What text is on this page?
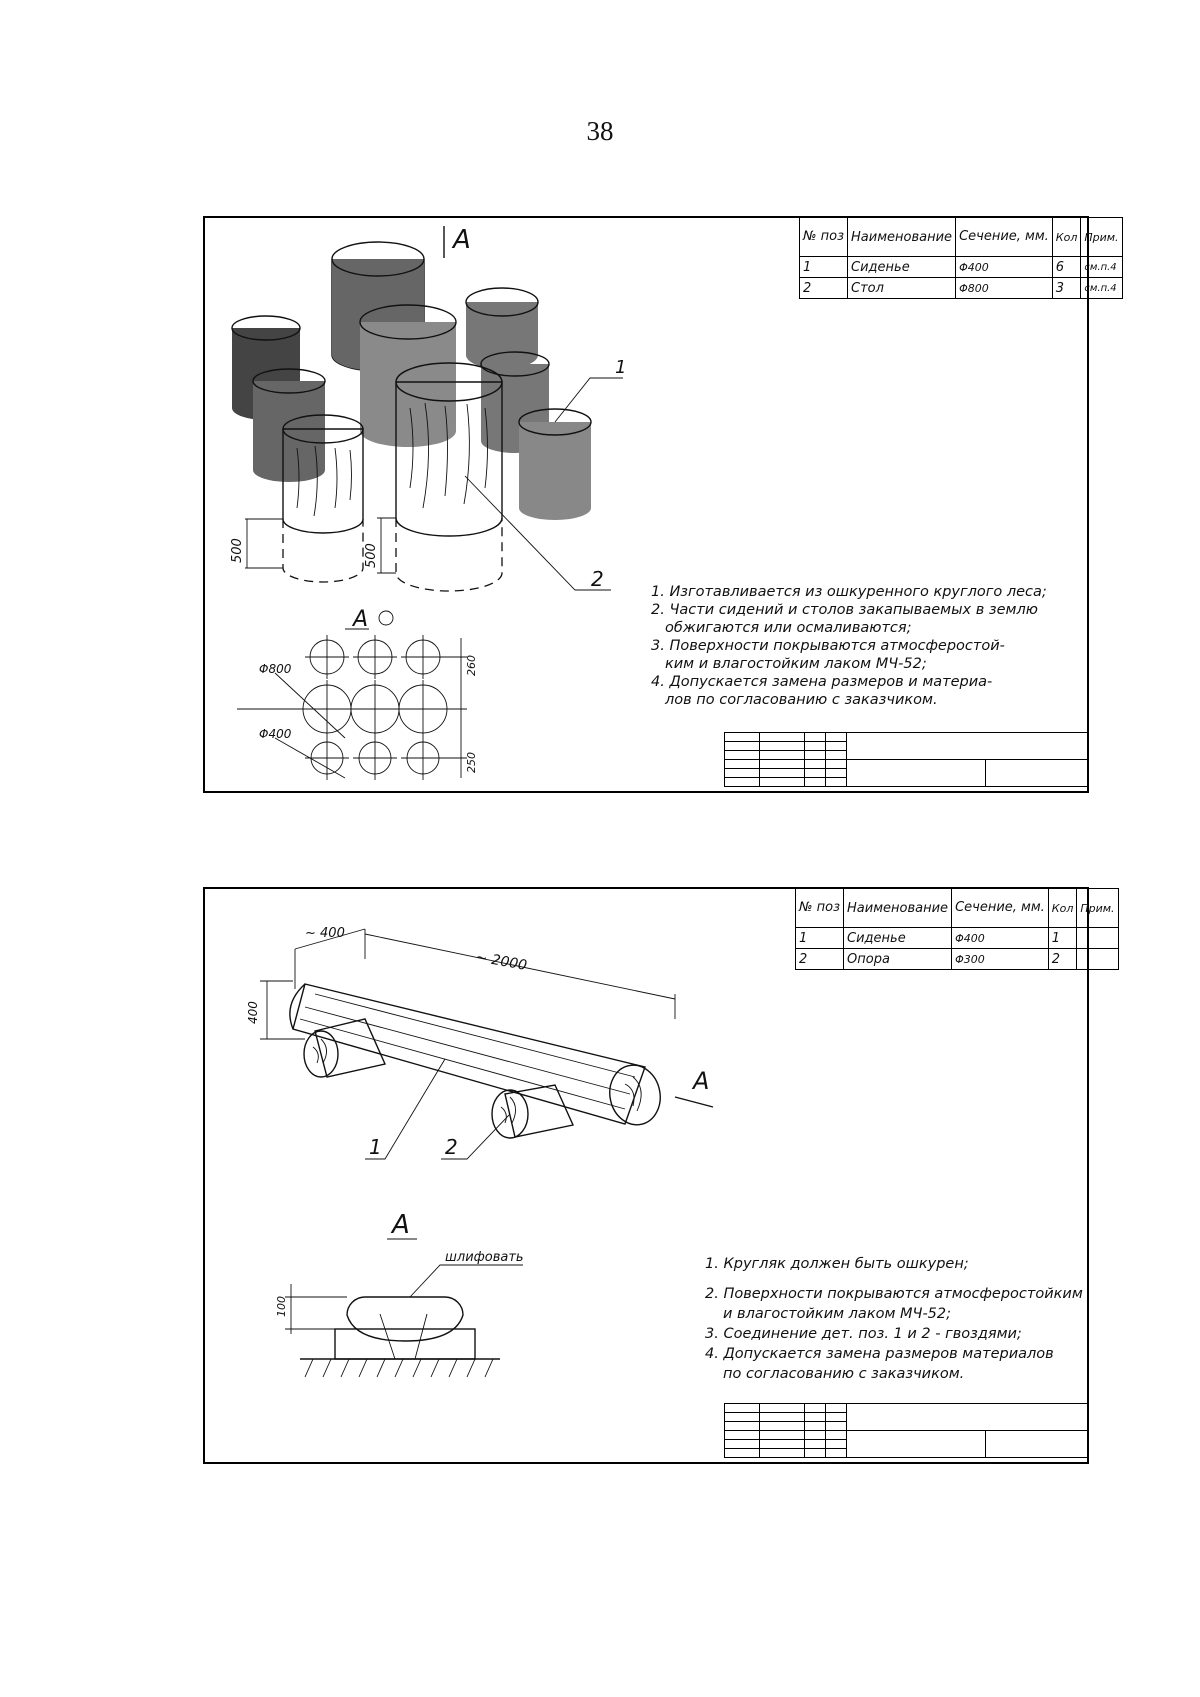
38
A
500	500
1
2
A
Φ800
Φ400
260
250
№ поз	Наименование	Сечение, мм.	Кол	Прим.
1	Сиденье	Φ400	6	см.п.4
2	Стол	Φ800	3	см.п.4
1. Изготавливается из ошкуренного круглого леса;
2. Части сидений и столов закапываемых в землю
обжигаются или осмаливаются;
3. Поверхности покрываются атмосферостой-
ким и влагостойким лаком МЧ-52;
4. Допускается замена размеров и материа-
лов по согласованию с заказчиком.

~ 400
~ 2000
400
A
1	2
A
100
шлифовать
№ поз	Наименование	Сечение, мм.	Кол	Прим.
1	Сиденье	Φ400	1	
2	Опора	Φ300	2	
1. Кругляк должен быть ошкурен;
2. Поверхности покрываются атмосферостойким
и влагостойким лаком МЧ-52;
3. Соединение дет. поз. 1 и 2 - гвоздями;
4. Допускается замена размеров материалов
по согласованию с заказчиком.
